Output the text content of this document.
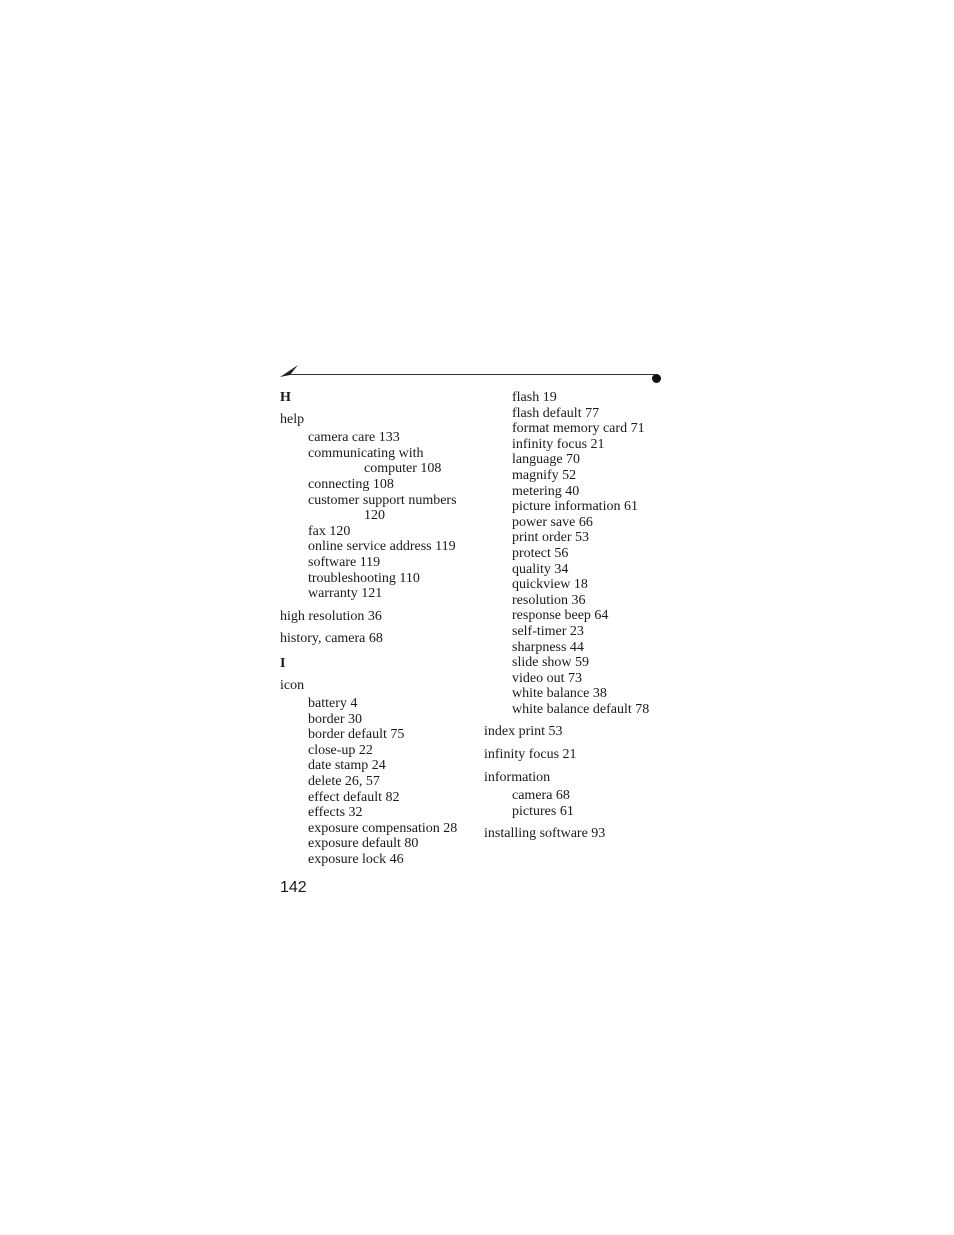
H
help
camera care 133
communicating with
computer 108
connecting 108
customer support numbers
120
fax 120
online service address 119
software 119
troubleshooting 110
warranty 121
high resolution 36
history, camera 68
I
icon
battery 4
border 30
border default 75
close-up 22
date stamp 24
delete 26, 57
effect default 82
effects 32
exposure compensation 28
exposure default 80
exposure lock 46
flash 19
flash default 77
format memory card 71
infinity focus 21
language 70
magnify 52
metering 40
picture information 61
power save 66
print order 53
protect 56
quality 34
quickview 18
resolution 36
response beep 64
self-timer 23
sharpness 44
slide show 59
video out 73
white balance 38
white balance default 78
index print 53
infinity focus 21
information
camera 68
pictures 61
installing software 93
142
